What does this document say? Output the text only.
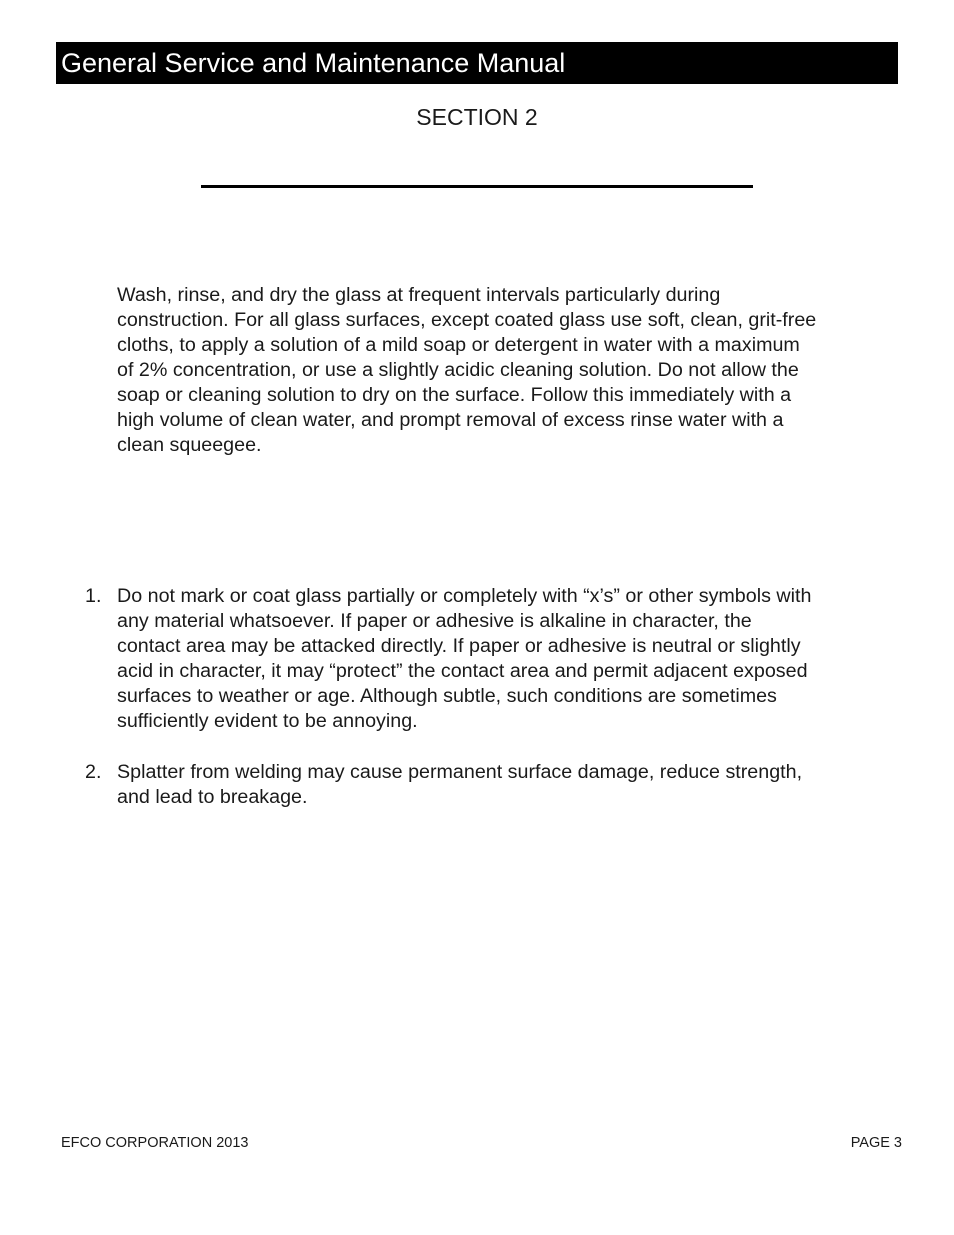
General Service and Maintenance Manual
SECTION 2
Wash, rinse, and dry the glass at frequent intervals particularly during
construction. For all glass surfaces, except coated glass use soft, clean, grit-free
cloths, to apply a solution of a mild soap or detergent in water with a maximum
of 2% concentration, or use a slightly acidic cleaning solution. Do not allow the
soap or cleaning solution to dry on the surface. Follow this immediately with a
high volume of clean water, and prompt removal of excess rinse water with a
clean squeegee.
1. Do not mark or coat glass partially or completely with “x’s” or other symbols with
any material whatsoever. If paper or adhesive is alkaline in character, the
contact area may be attacked directly. If paper or adhesive is neutral or slightly
acid in character, it may “protect” the contact area and permit adjacent exposed
surfaces to weather or age. Although subtle, such conditions are sometimes
sufficiently evident to be annoying.
2. Splatter from welding may cause permanent surface damage, reduce strength,
and lead to breakage.
EFCO CORPORATION 2013	PAGE 3
